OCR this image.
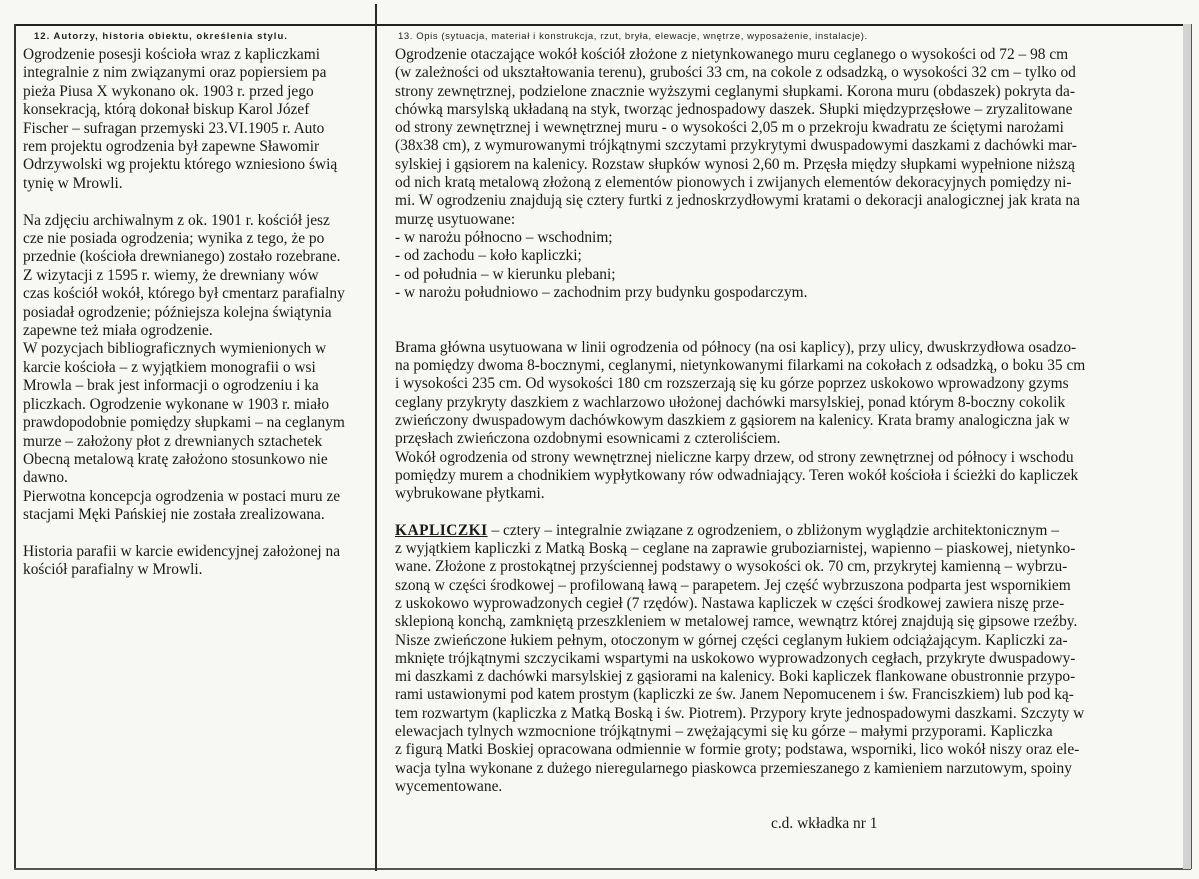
12. Autorzy, historia obiektu, określenia stylu.	13. Opis (sytuacja, materiał i konstrukcja, rzut, bryła, elewacje, wnętrze, wyposażenie, instalacje).

Ogrodzenie posesji kościoła wraz z kapliczkami

integralnie z nim związanymi oraz popiersiem pa

pieża Piusa X wykonano ok. 1903 r. przed jego

konsekracją, którą dokonał biskup Karol Józef

Fischer – sufragan przemyski 23.VI.1905 r. Auto

rem projektu ogrodzenia był zapewne Sławomir

Odrzywolski wg projektu którego wzniesiono świą

tynię w Mrowli.

Na zdjęciu archiwalnym z ok. 1901 r. kościół jesz

cze nie posiada ogrodzenia; wynika z tego, że po

przednie (kościoła drewnianego) zostało rozebrane.

Z wizytacji z 1595 r. wiemy, że drewniany wów

czas kościół wokół, którego był cmentarz parafialny

posiadał ogrodzenie; późniejsza kolejna świątynia

zapewne też miała ogrodzenie.

W pozycjach bibliograficznych wymienionych w

karcie kościoła – z wyjątkiem monografii o wsi

Mrowla – brak jest informacji o ogrodzeniu i ka

pliczkach. Ogrodzenie wykonane w 1903 r. miało

prawdopodobnie pomiędzy słupkami – na ceglanym

murze – założony płot z drewnianych sztachetek

Obecną metalową kratę założono stosunkowo nie

dawno.

Pierwotna koncepcja ogrodzenia w postaci muru ze

stacjami Męki Pańskiej nie została zrealizowana.

Historia parafii w karcie ewidencyjnej założonej na

kościół parafialny w Mrowli.

Ogrodzenie otaczające wokół kościół złożone z nietynkowanego muru ceglanego o wysokości od 72 – 98 cm
(w zależności od ukształtowania terenu), grubości 33 cm, na cokole z odsadzką, o wysokości 32 cm – tylko od
strony zewnętrznej, podzielone znacznie wyższymi ceglanymi słupkami. Korona muru (obdaszek) pokryta da-
chówką marsylską układaną na styk, tworząc jednospadowy daszek. Słupki międzyprzęsłowe – zryzalitowane
od strony zewnętrznej i wewnętrznej muru - o wysokości 2,05 m o przekroju kwadratu ze ściętymi narożami
(38x38 cm), z wymurowanymi trójkątnymi szczytami przykrytymi dwuspadowymi daszkami z dachówki mar-
sylskiej i gąsiorem na kalenicy. Rozstaw słupków wynosi 2,60 m. Przęsła między słupkami wypełnione niższą
od nich kratą metalową złożoną z elementów pionowych i zwijanych elementów dekoracyjnych pomiędzy ni-
mi. W ogrodzeniu znajdują się cztery furtki z jednoskrzydłowymi kratami o dekoracji analogicznej jak krata na
murzę usytuowane:
- w narożu północno – wschodnim;
- od zachodu – koło kapliczki;
- od południa – w kierunku plebani;
- w narożu południowo – zachodnim przy budynku gospodarczym.
Brama główna usytuowana w linii ogrodzenia od północy (na osi kaplicy), przy ulicy, dwuskrzydłowa osadzo-
na pomiędzy dwoma 8-bocznymi, ceglanymi, nietynkowanymi filarkami na cokołach z odsadzką, o boku 35 cm
i wysokości 235 cm. Od wysokości 180 cm rozszerzają się ku górze poprzez uskokowo wprowadzony gzyms
ceglany przykryty daszkiem z wachlarzowo ułożonej dachówki marsylskiej, ponad którym 8-boczny cokolik
zwieńczony dwuspadowym dachówkowym daszkiem z gąsiorem na kalenicy. Krata bramy analogiczna jak w
przęsłach zwieńczona ozdobnymi esownicami z czteroliściem.
Wokół ogrodzenia od strony wewnętrznej nieliczne karpy drzew, od strony zewnętrznej od północy i wschodu
pomiędzy murem a chodnikiem wypłytkowany rów odwadniający. Teren wokół kościoła i ścieżki do kapliczek
wybrukowane płytkami.
KAPLICZKI – cztery – integralnie związane z ogrodzeniem, o zbliżonym wyglądzie architektonicznym –
z wyjątkiem kapliczki z Matką Boską – ceglane na zaprawie gruboziarnistej, wapienno – piaskowej, nietynko-
wane. Złożone z prostokątnej przyściennej podstawy o wysokości ok. 70 cm, przykrytej kamienną – wybrzu-
szoną w części środkowej – profilowaną ławą – parapetem. Jej część wybrzuszona podparta jest wspornikiem
z uskokowo wyprowadzonych cegieł (7 rzędów). Nastawa kapliczek w części środkowej zawiera niszę prze-
sklepioną konchą, zamkniętą przeszkleniem w metalowej ramce, wewnątrz której znajdują się gipsowe rzeźby.
Nisze zwieńczone łukiem pełnym, otoczonym w górnej części ceglanym łukiem odciążającym. Kapliczki za-
mknięte trójkątnymi szczycikami wspartymi na uskokowo wyprowadzonych cegłach, przykryte dwuspadowy-
mi daszkami z dachówki marsylskiej z gąsiorami na kalenicy. Boki kapliczek flankowane obustronnie przypo-
rami ustawionymi pod katem prostym (kapliczki ze św. Janem Nepomucenem i św. Franciszkiem) lub pod ką-
tem rozwartym (kapliczka z Matką Boską i św. Piotrem). Przypory kryte jednospadowymi daszkami. Szczyty w
elewacjach tylnych wzmocnione trójkątnymi – zwężającymi się ku górze – małymi przyporami. Kapliczka
z figurą Matki Boskiej opracowana odmiennie w formie groty; podstawa, wsporniki, lico wokół niszy oraz ele-
wacja tylna wykonane z dużego nieregularnego piaskowca przemieszanego z kamieniem narzutowym, spoiny
wycementowane.
c.d. wkładka nr 1
